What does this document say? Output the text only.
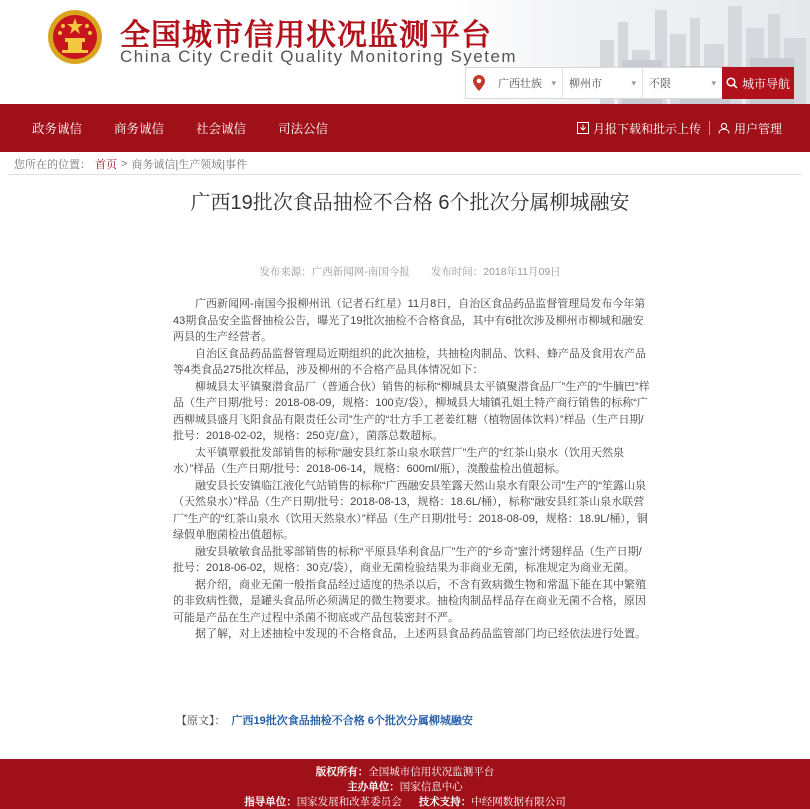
全国城市信用状况监测平台
China City Credit Quality Monitoring Syetem
广西壮族 ▾ 柳州市	▾ 不限	▾ 城市导航
政务诚信	商务诚信	社会诚信	司法公信	月报下载和批示上传	用户管理
您所在的位置： 首页 > 商务诚信|生产领域|事件
广西19批次食品抽检不合格 6个批次分属柳城融安
发布来源：广西新闻网-南国今报 发布时间：2018年11月09日

广西新闻网-南国今报柳州讯（记者石红星）11月8日，自治区食品药品监督管理局发布今年第43期食品安全监督抽检公告，曝光了19批次抽检不合格食品，其中有6批次涉及柳州市柳城和融安两县的生产经营者。

自治区食品药品监督管理局近期组织的此次抽检，共抽检肉制品、饮料、蜂产品及食用农产品等4类食品275批次样品，涉及柳州的不合格产品具体情况如下：

柳城县太平镇聚潜食品厂（普通合伙）销售的标称“柳城县太平镇聚潜食品厂”生产的“牛腩巴”样品（生产日期/批号：2018-08-09，规格：100克/袋），柳城县大埔镇孔姐土特产商行销售的标称“广西柳城县盛月飞阳食品有限责任公司”生产的“壮方手工老姜红糖（植物固体饮料）”样品（生产日期/批号：2018-02-02，规格：250克/盒），菌落总数超标。

太平镇覃毅批发部销售的标称“融安县红茶山泉水联营厂”生产的“红茶山泉水（饮用天然泉水）”样品（生产日期/批号：2018-06-14，规格：600ml/瓶），溴酸盐检出值超标。

融安县长安镇临江液化气站销售的标称“广西融安县笙露天然山泉水有限公司”生产的“笙露山泉（天然泉水）”样品（生产日期/批号：2018-08-13，规格：18.6L/桶），标称“融安县红茶山泉水联营厂”生产的“红茶山泉水（饮用天然泉水）”样品（生产日期/批号：2018-08-09，规格：18.9L/桶），铜绿假单胞菌检出值超标。

融安县敏敏食品批零部销售的标称“平原县华利食品厂”生产的“乡奇”蜜汁烤翅样品（生产日期/批号：2018-06-02，规格：30克/袋），商业无菌检验结果为非商业无菌，标准规定为商业无菌。

据介绍，商业无菌一般指食品经过适度的热杀以后，不含有致病微生物和常温下能在其中繁殖的非致病性微，是罐头食品所必须满足的微生物要求。抽检肉制品样品存在商业无菌不合格，原因可能是产品在生产过程中杀菌不彻底或产品包装密封不严。

据了解，对上述抽检中发现的不合格食品，上述两县食品药品监管部门均已经依法进行处置。

【原文】： 广西19批次食品抽检不合格 6个批次分属柳城融安
版权所有：全国城市信用状况监测平台
主办单位：国家信息中心
指导单位：国家发展和改革委员会 技术支持：中经网数据有限公司
